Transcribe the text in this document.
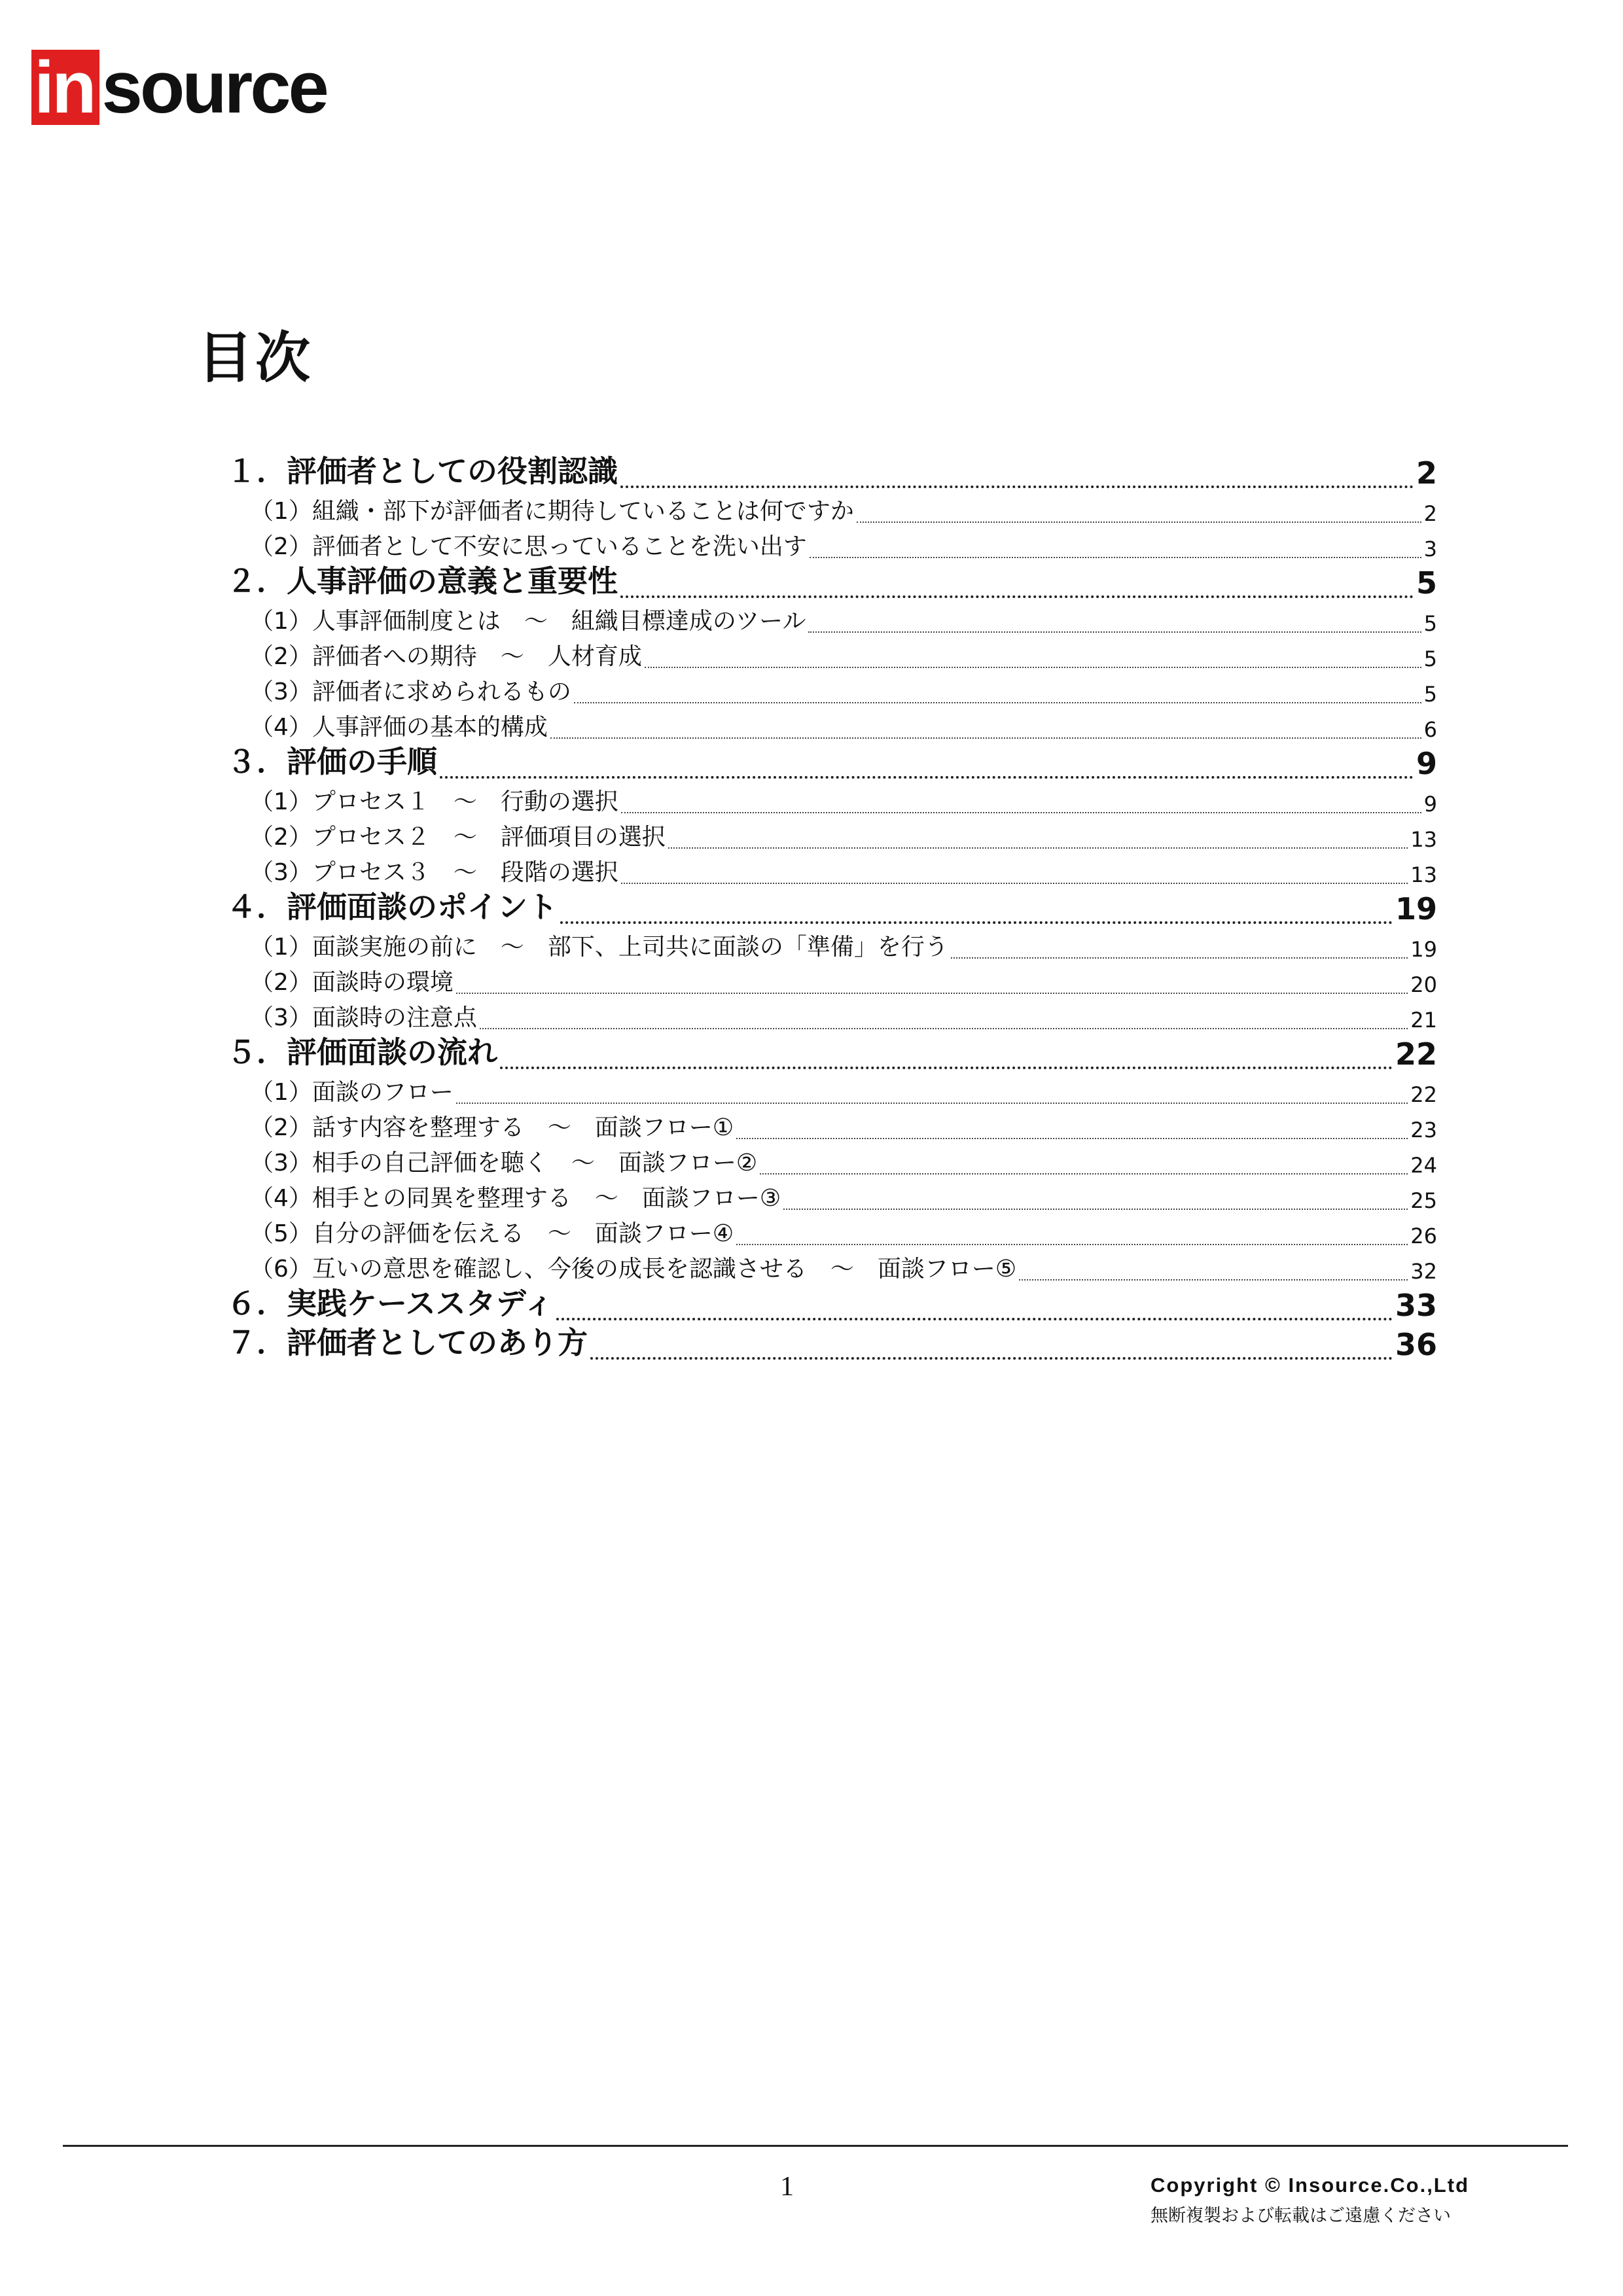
in source
目次
１．評価者としての役割認識	2
（1）組織・部下が評価者に期待していることは何ですか	2
（2）評価者として不安に思っていることを洗い出す	3
２．人事評価の意義と重要性	5
（1）人事評価制度とは　～　組織目標達成のツール	5
（2）評価者への期待　～　人材育成	5
（3）評価者に求められるもの	5
（4）人事評価の基本的構成	6
３．評価の手順	9
（1）プロセス１　～　行動の選択	9
（2）プロセス２　～　評価項目の選択	13
（3）プロセス３　～　段階の選択	13
４．評価面談のポイント	19
（1）面談実施の前に　～　部下、上司共に面談の「準備」を行う	19
（2）面談時の環境	20
（3）面談時の注意点	21
５．評価面談の流れ	22
（1）面談のフロー	22
（2）話す内容を整理する　～　面談フロー①	23
（3）相手の自己評価を聴く　～　面談フロー②	24
（4）相手との同異を整理する　～　面談フロー③	25
（5）自分の評価を伝える　～　面談フロー④	26
（6）互いの意思を確認し、今後の成長を認識させる　～　面談フロー⑤	32
６．実践ケーススタディ	33
７．評価者としてのあり方	36
1	Copyright © Insource.Co.,Ltd
無断複製および転載はご遠慮ください
